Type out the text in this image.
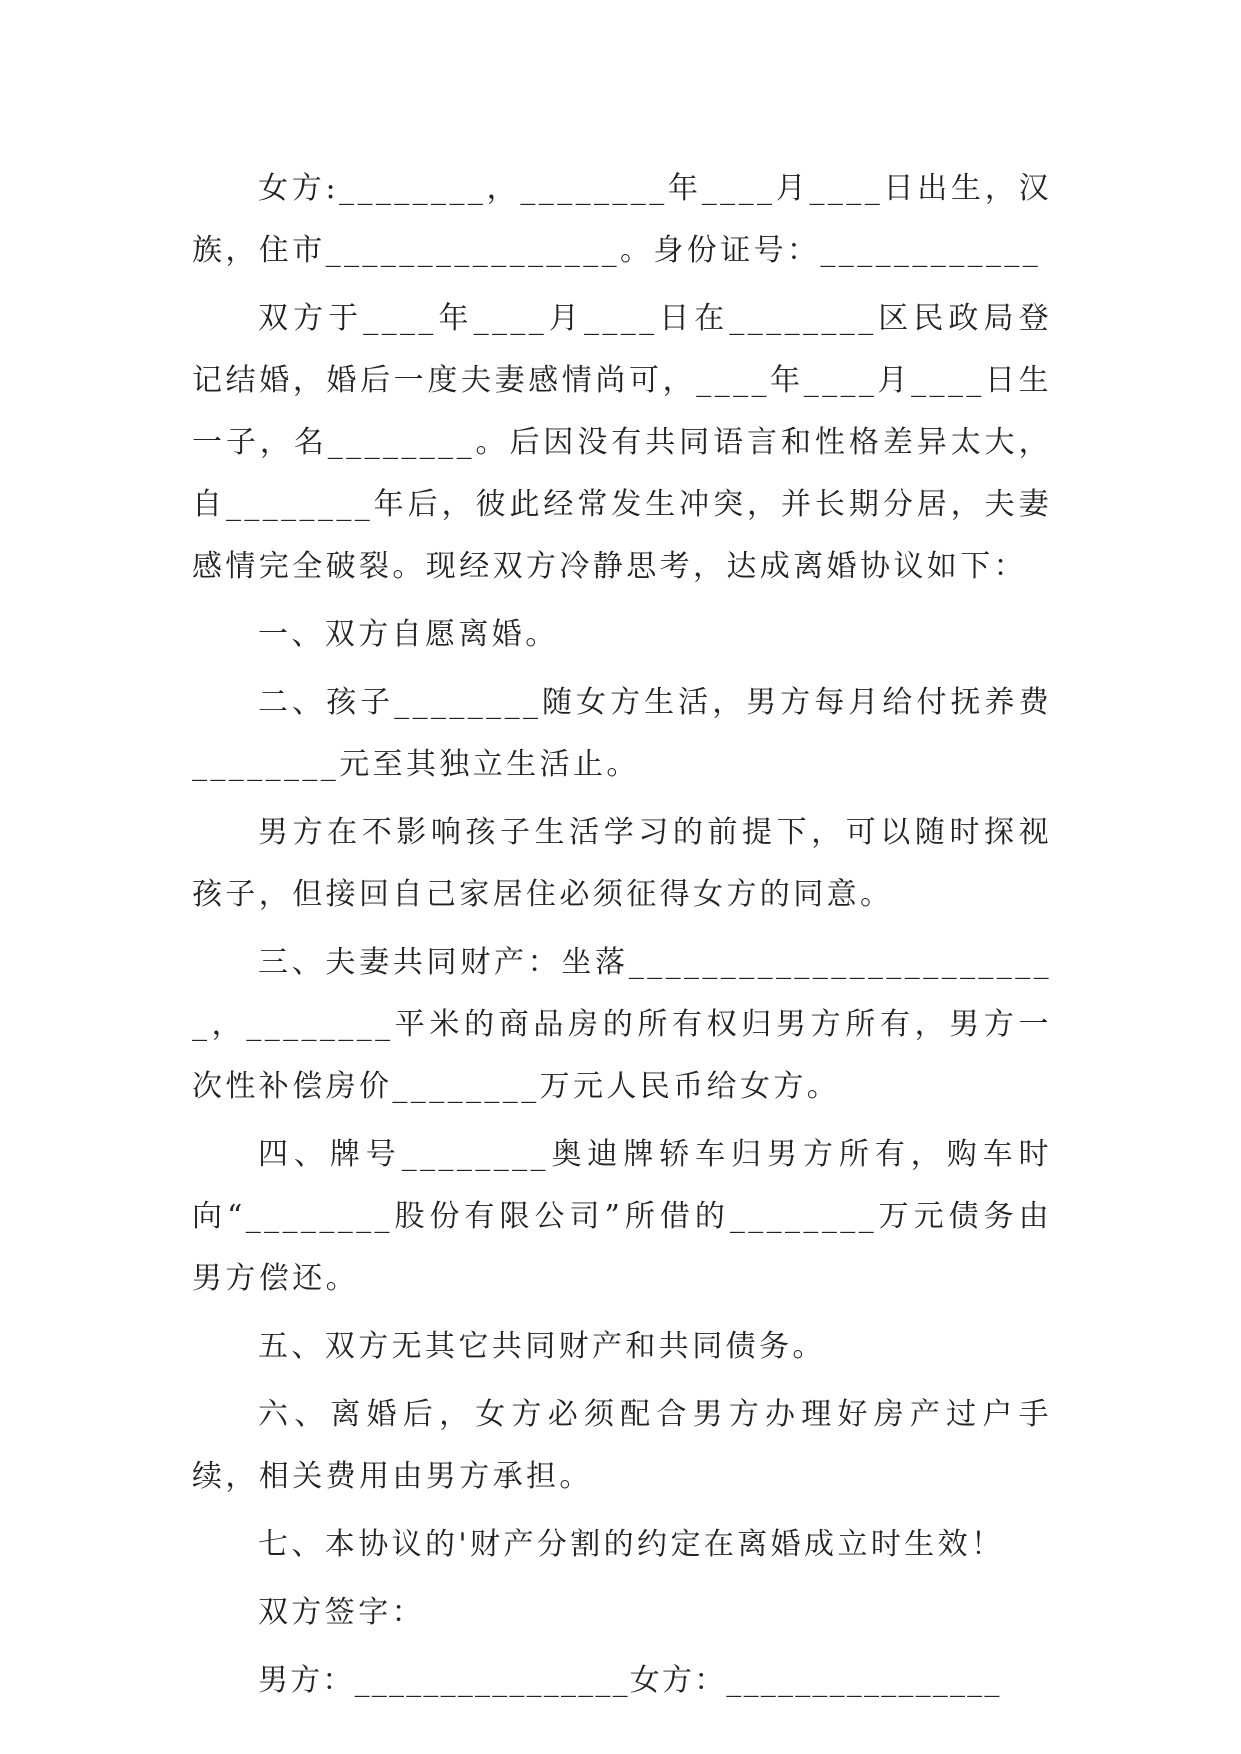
女方:________，________年____月____日出生，汉族，住市________________。身份证号：____________

双方于____年____月____日在________区民政局登记结婚，婚后一度夫妻感情尚可，____年____月____日生一子，名________。后因没有共同语言和性格差异太大，自________年后，彼此经常发生冲突，并长期分居，夫妻感情完全破裂。现经双方冷静思考，达成离婚协议如下：

一、双方自愿离婚。

二、孩子________随女方生活，男方每月给付抚养费________元至其独立生活止。

男方在不影响孩子生活学习的前提下，可以随时探视孩子，但接回自己家居住必须征得女方的同意。

三、夫妻共同财产：坐落________________________，________平米的商品房的所有权归男方所有，男方一次性补偿房价________万元人民币给女方。

四、牌号________奥迪牌轿车归男方所有，购车时向“________股份有限公司”所借的________万元债务由男方偿还。

五、双方无其它共同财产和共同债务。

六、离婚后，女方必须配合男方办理好房产过户手续，相关费用由男方承担。

七、本协议的'财产分割的约定在离婚成立时生效！

双方签字：

男方：________________女方：________________
